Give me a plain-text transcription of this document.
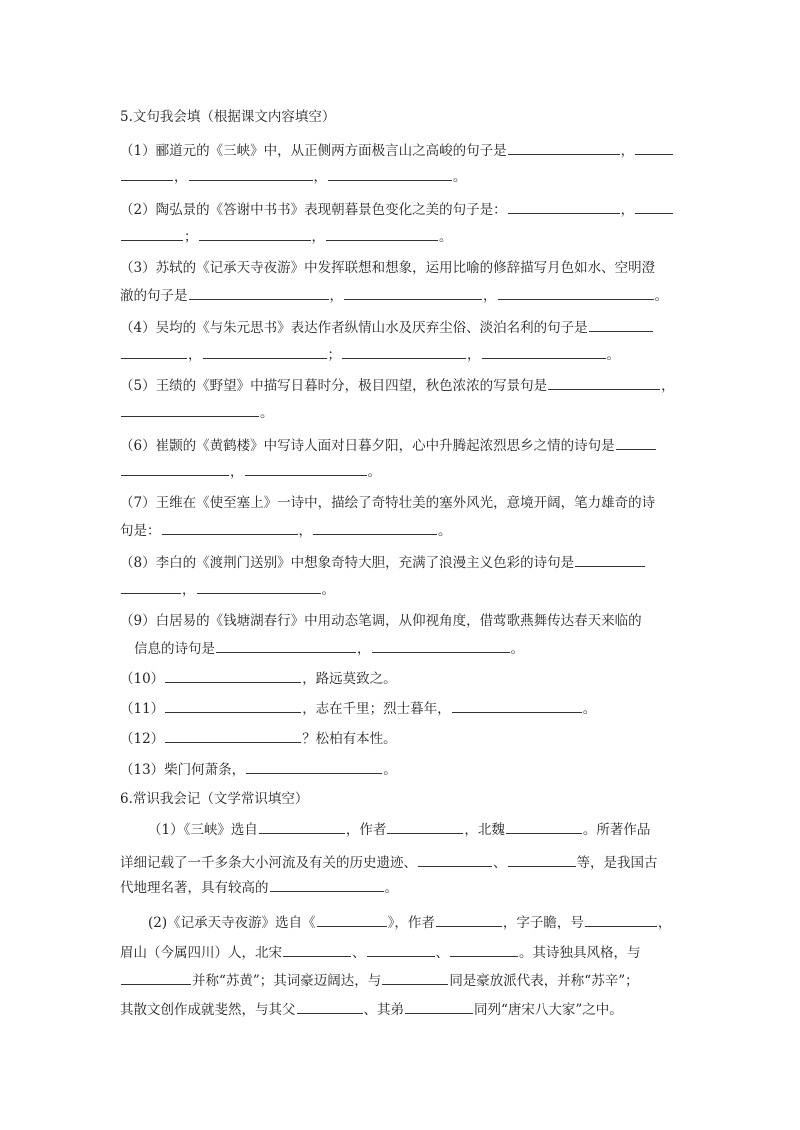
5.文句我会填（根据课文内容填空）
（1）郦道元的《三峡》中，从正侧两方面极言山之高峻的句子是	，
，	，	。
（2）陶弘景的《答谢中书书》表现朝暮景色变化之美的句子是：	，
；	，	。
（3）苏轼的《记承天寺夜游》中发挥联想和想象，运用比喻的修辞描写月色如水、空明澄
澈的句子是	，	，	。
（4）吴均的《与朱元思书》表达作者纵情山水及厌弃尘俗、淡泊名利的句子是
，	；	，	。
（5）王绩的《野望》中描写日暮时分，极目四望，秋色浓浓的写景句是	，
。
（6）崔颢的《黄鹤楼》中写诗人面对日暮夕阳，心中升腾起浓烈思乡之情的诗句是
，	。
（7）王维在《使至塞上》一诗中，描绘了奇特壮美的塞外风光，意境开阔，笔力雄奇的诗
句是：	，	。
（8）李白的《渡荆门送别》中想象奇特大胆，充满了浪漫主义色彩的诗句是
，	。
（9）白居易的《钱塘湖春行》中用动态笔调，从仰视角度，借莺歌燕舞传达春天来临的
信息的诗句是	，	。
（10）	，路远莫致之。
（11）	，志在千里；烈士暮年，	。
（12）	？松柏有本性。
（13）柴门何萧条，	。
6.常识我会记（文学常识填空）
（1）《三峡》选自	，作者	，北魏	。所著作品
详细记载了一千多条大小河流及有关的历史遗迹、	、	等，是我国古
代地理名著，具有较高的	。
(2)《记承天寺夜游》选自《	》，作者	，字子瞻，号	，
眉山（今属四川）人，北宋	、	、	。其诗独具风格，与
并称“苏黄”；其词豪迈阔达，与	同是豪放派代表，并称“苏辛”；
其散文创作成就斐然，与其父	、其弟	同列“唐宋八大家”之中。
